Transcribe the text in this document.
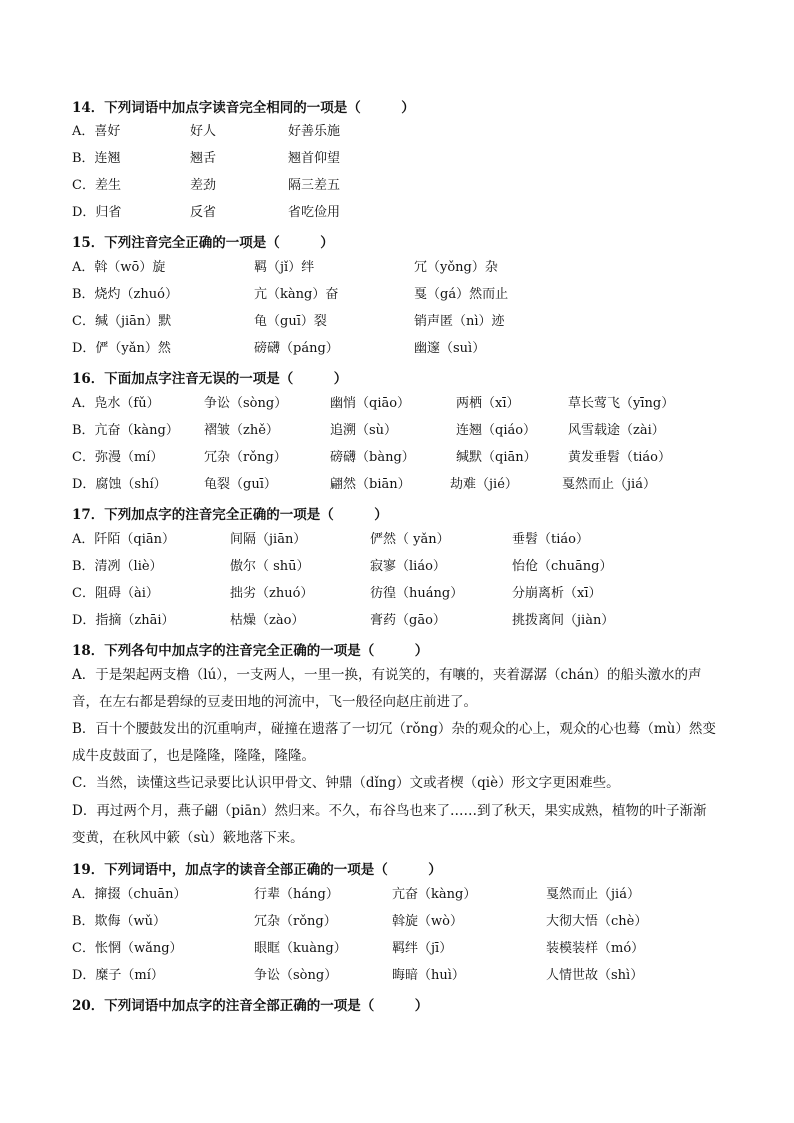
14．下列词语中加点字读音完全相同的一项是（　　　）
A．喜好	好人	好善乐施
B．连翘	翘舌	翘首仰望
C．差生	差劲	隔三差五
D．归省	反省	省吃俭用
15．下列注音完全正确的一项是（　　　）
A．斡（wō）旋	羁（jǐ）绊	冗（yǒng）杂
B．烧灼（zhuó）	亢（kàng）奋	戛（gá）然而止
C．缄（jiān）默	龟（guī）裂	销声匿（nì）迹
D．俨（yǎn）然	磅礴（páng）	幽邃（suì）
16．下面加点字注音无误的一项是（　　　）
A．凫水（fǔ）	争讼（sòng）	幽悄（qiāo）	两栖（xī）	草长莺飞（yīng）
B．亢奋（kàng） 褶皱（zhě）	追溯（sù）	连翘（qiáo） 风雪载途（zài）
C．弥漫（mí）	冗杂（rǒng）	磅礴（bàng）	缄默（qiān） 黄发垂髫（tiáo）
D．腐蚀（shí）	龟裂（guī）	翩然（biān）	劫难（jié）	戛然而止（jiá）
17．下列加点字的注音完全正确的一项是（　　　）
A．阡陌（qiān）	间隔（jiān）	俨然（ yǎn）	垂髫（tiáo）
B．清冽（liè）	傲尔（ shū）	寂寥（liáo）	怡伧（chuāng）
C．阻碍（ài）	拙劣（zhuó）	彷徨（huáng）	分崩离析（xī）
D．指摘（zhāi）	枯燥（zào）	膏药（gāo）	挑拨离间（jiàn）
18．下列各句中加点字的注音完全正确的一项是（　　　）
A．于是架起两支橹（lú），一支两人，一里一换，有说笑的，有嚷的，夹着潺潺（chán）的船头激水的声
音，在左右都是碧绿的豆麦田地的河流中，飞一般径向赵庄前进了。
B．百十个腰鼓发出的沉重响声，碰撞在遗落了一切冗（rǒng）杂的观众的心上，观众的心也蓦（mù）然变
成牛皮鼓面了，也是隆隆，隆隆，隆隆。
C．当然，读懂这些记录要比认识甲骨文、钟鼎（dǐng）文或者楔（qiè）形文字更困难些。
D．再过两个月，燕子翩（piān）然归来。不久，布谷鸟也来了……到了秋天，果实成熟，植物的叶子渐渐
变黄，在秋风中簌（sù）簌地落下来。
19．下列词语中，加点字的读音全部正确的一项是（　　　）
A．撺掇（chuān）	行辈（háng）	亢奋（kàng）	戛然而止（jiá）
B．欺侮（wǔ）	冗杂（rǒng）	斡旋（wò）	大彻大悟（chè）
C．怅惘（wǎng）	眼眶（kuàng）	羁绊（jī）	装模装样（mó）
D．糜子（mí）	争讼（sòng）	晦暗（huì）	人情世故（shì）
20．下列词语中加点字的注音全部正确的一项是（　　　）
